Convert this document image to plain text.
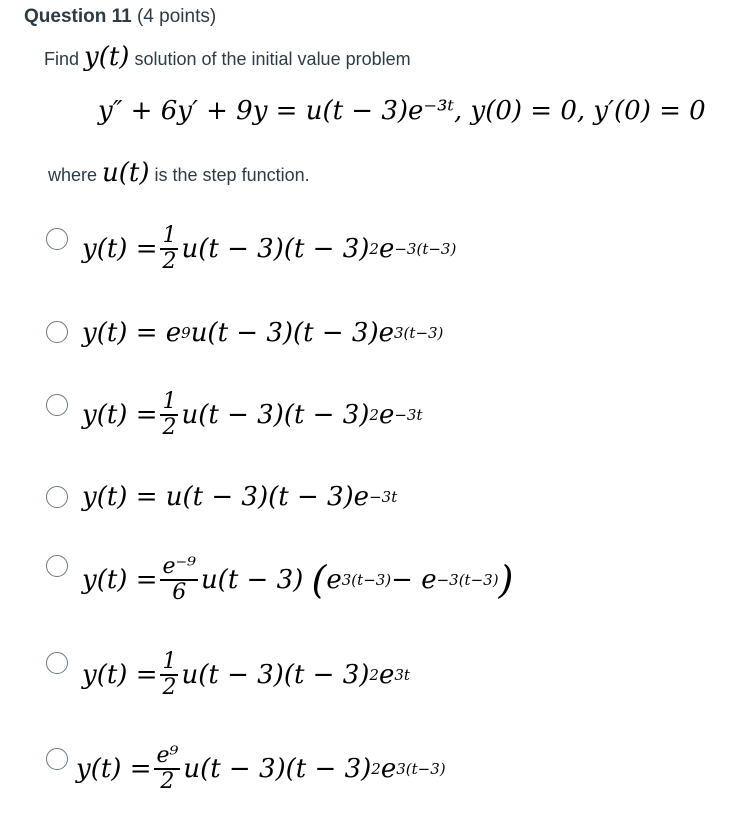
Question 11 (4 points)
Find y(t) solution of the initial value problem
y″ + 6y′ + 9y = u(t − 3)e⁻³ᵗ, y(0) = 0, y′(0) = 0
where u(t) is the step function.
$y(t) = \frac{1}{2} u(t - 3)(t - 3)$ 2 e −3(t−3)
y(t) =
e 9 u(t − 3)(t − 3)e 3(t−3)
$y(t) = \frac{1}{2} u(t - 3)(t - 3)$ 2 e −3t
y(t) =
u(t − 3)(t − 3)e −3t
$y(t) = \frac{\text{e⁻⁹}}{6} u(t - 3)$
( e 3(t−3) − e −3(t−3) )
$y(t) = \frac{1}{2} u(t - 3)(t - 3)$ 2 e 3t
$y(t) = \frac{\text{e⁹}}{2} u(t - 3)(t - 3)$ 2 e 3(t−3)
